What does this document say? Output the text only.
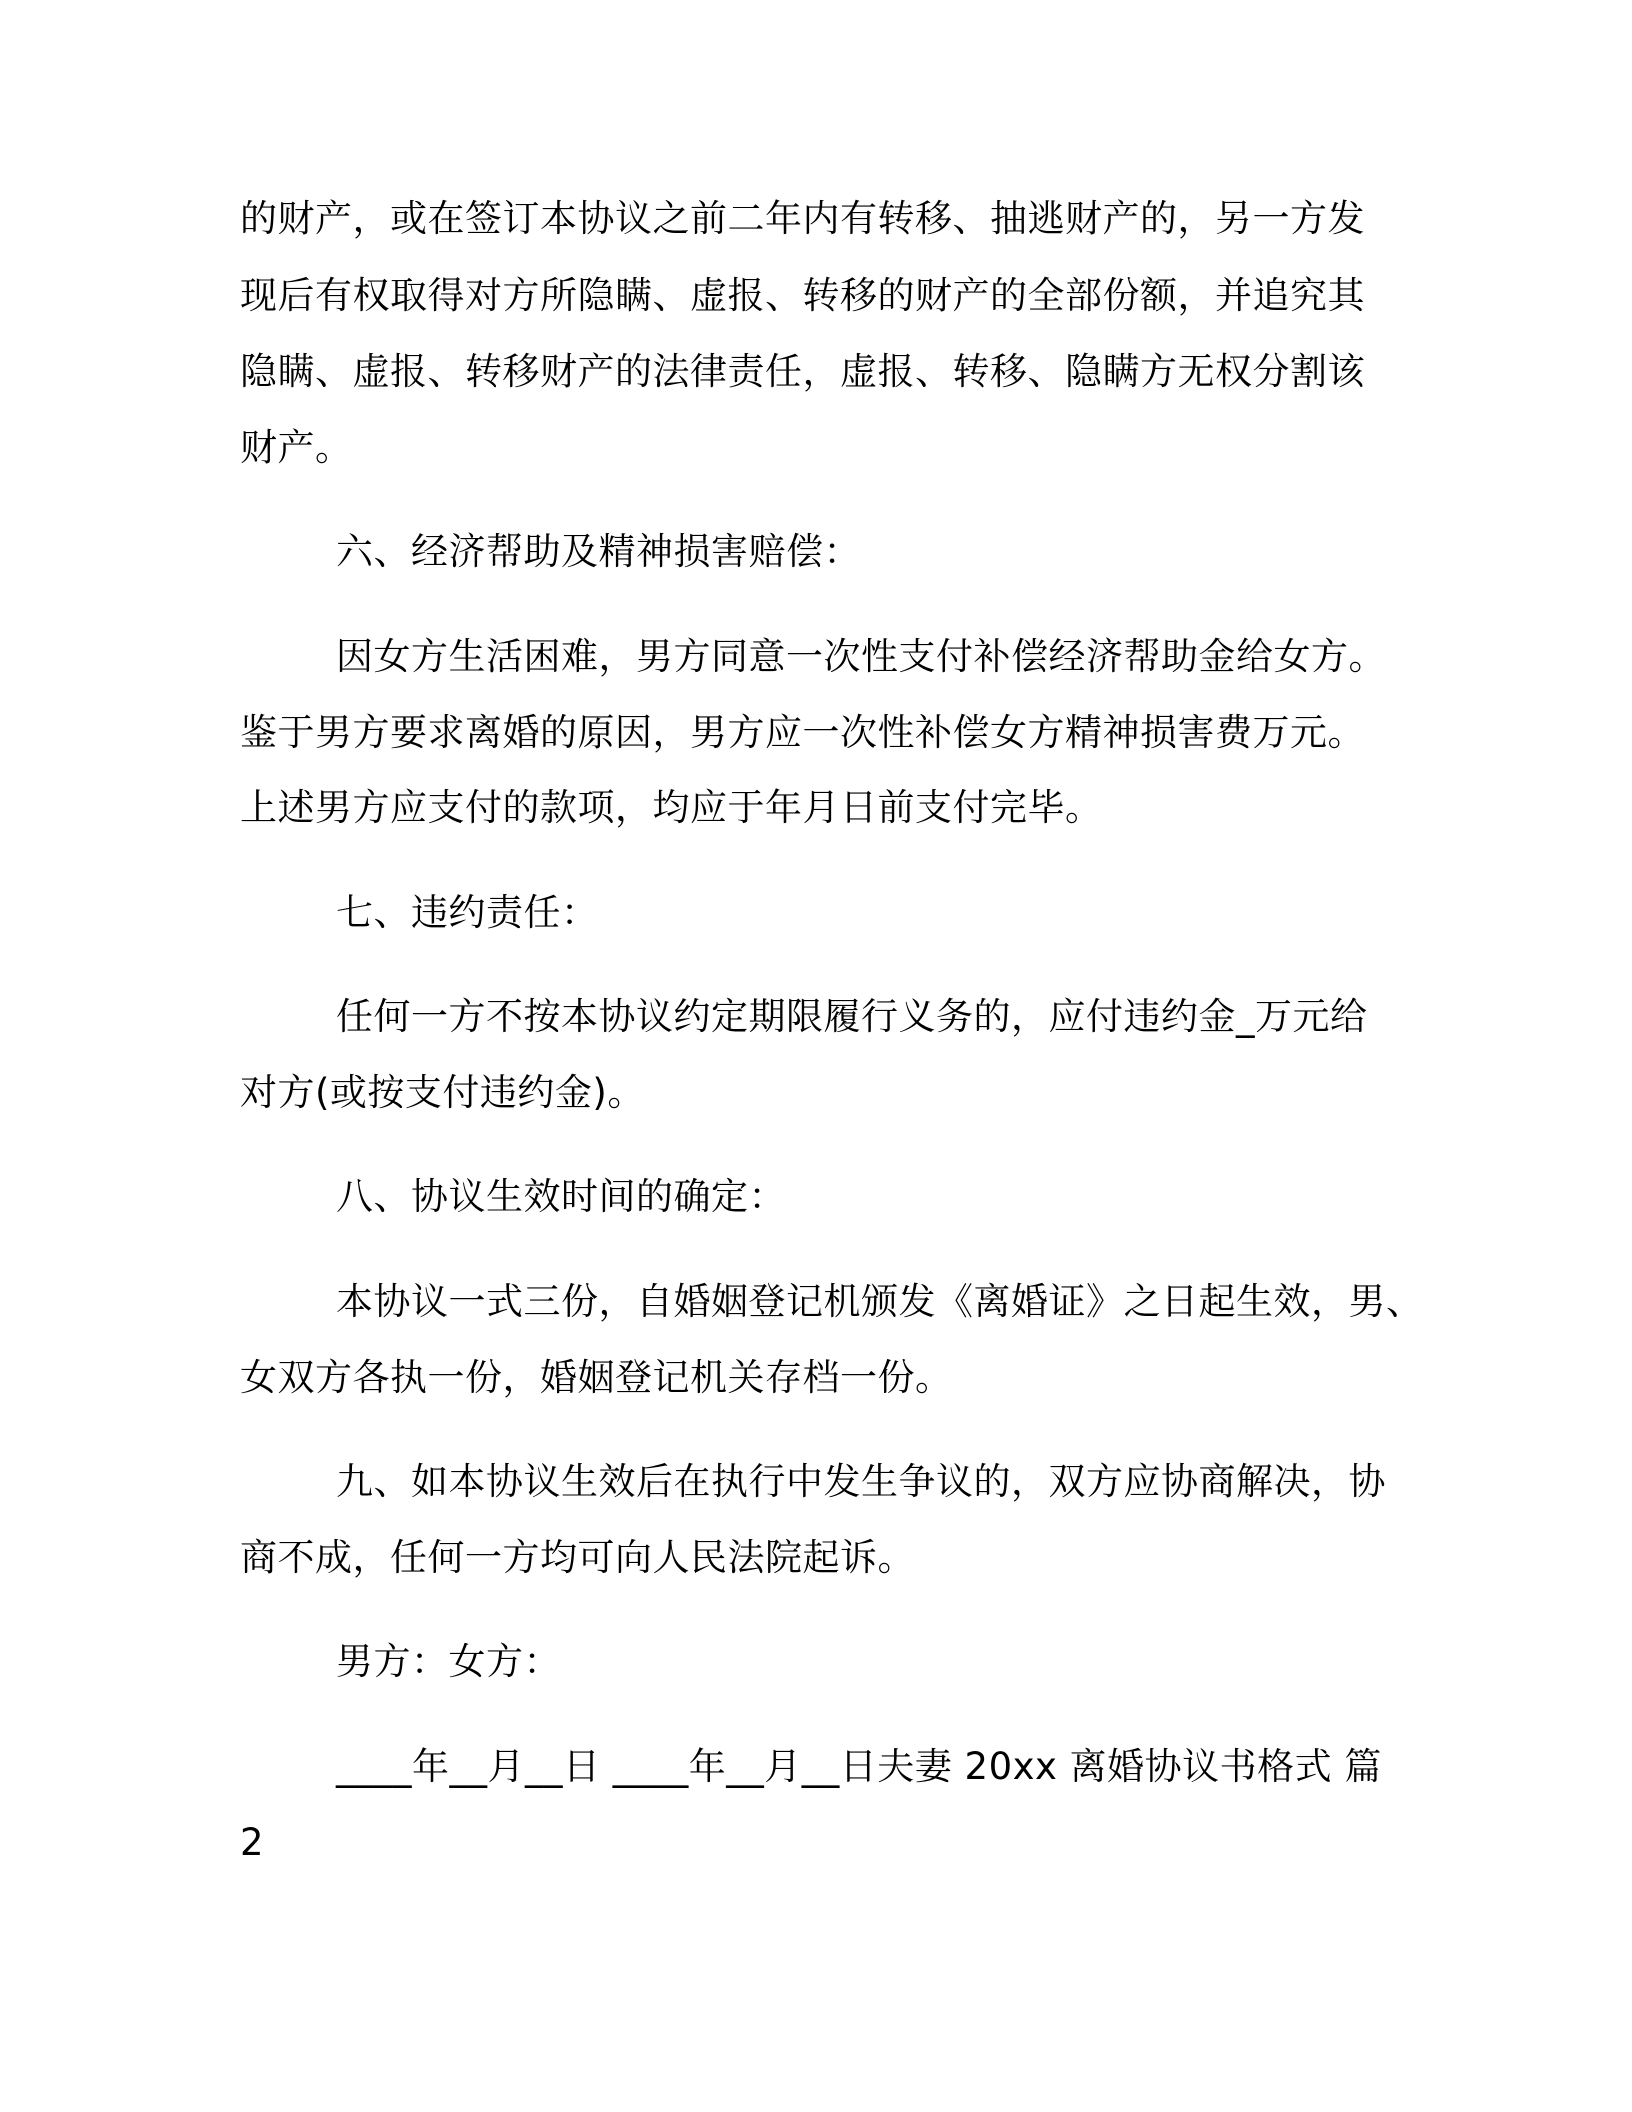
的财产，或在签订本协议之前二年内有转移、抽逃财产的，另一方发
现后有权取得对方所隐瞒、虚报、转移的财产的全部份额，并追究其
隐瞒、虚报、转移财产的法律责任，虚报、转移、隐瞒方无权分割该
财产。
六、经济帮助及精神损害赔偿：
因女方生活困难，男方同意一次性支付补偿经济帮助金给女方。
鉴于男方要求离婚的原因，男方应一次性补偿女方精神损害费万元。
上述男方应支付的款项，均应于年月日前支付完毕。
七、违约责任：
任何一方不按本协议约定期限履行义务的，应付违约金_万元给
对方(或按支付违约金)。
八、协议生效时间的确定：
本协议一式三份，自婚姻登记机颁发《离婚证》之日起生效，男、
女双方各执一份，婚姻登记机关存档一份。
九、如本协议生效后在执行中发生争议的，双方应协商解决，协
商不成，任何一方均可向人民法院起诉。
男方：女方：
____年__月__日 ____年__月__日夫妻 20xx 离婚协议书格式 篇
2
